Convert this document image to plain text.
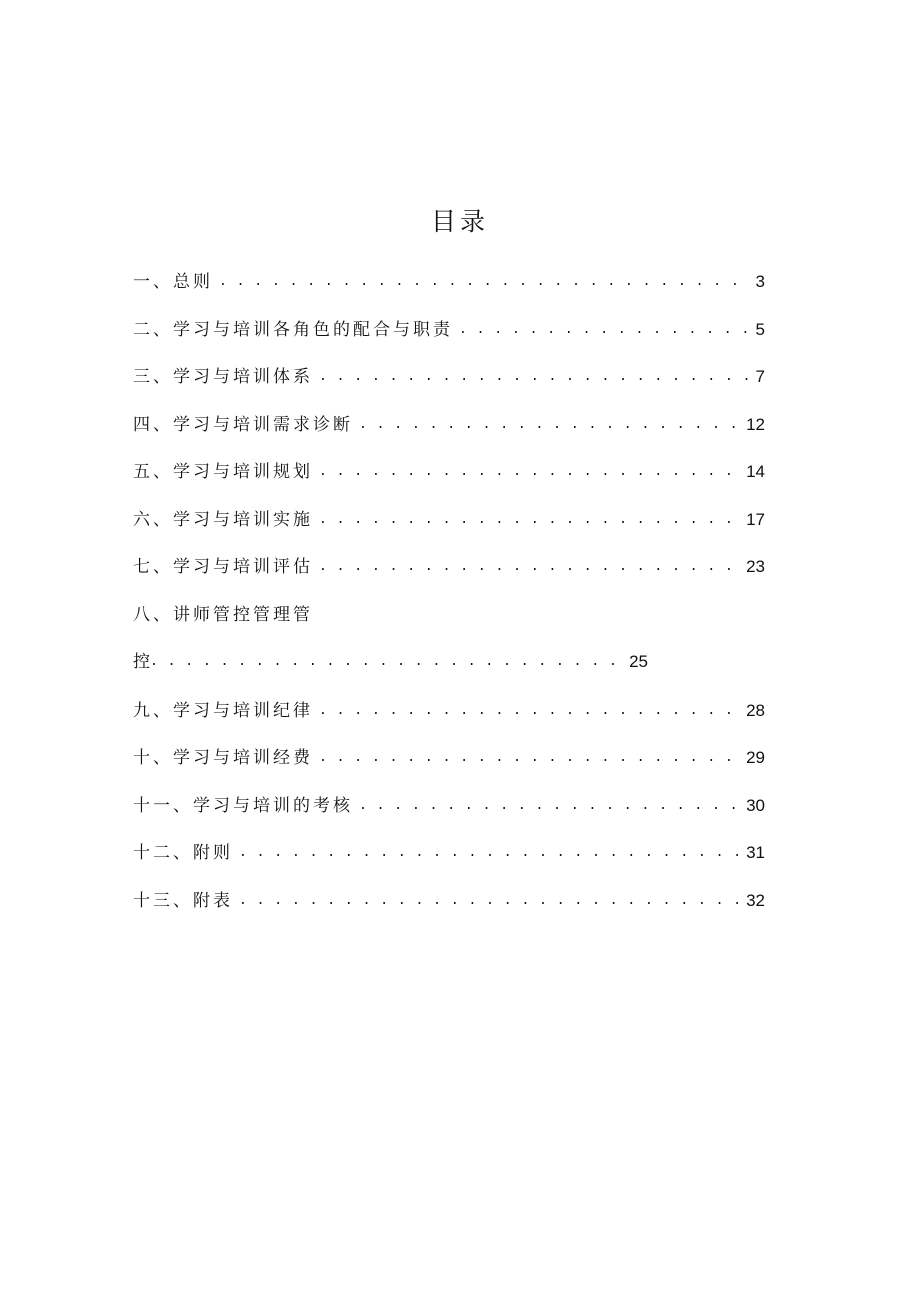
目录
一、总则 . . .	3
二、学习与培训各角色的配合与职责 . . .	5
三、学习与培训体系 . . .	7
四、学习与培训需求诊断 . . .	12
五、学习与培训规划 . . .	14
六、学习与培训实施 . . .	17
七、学习与培训评估 . . .	23
八、讲师管控管理管
控 . . .	25
九、学习与培训纪律 . . .	28
十、学习与培训经费 . . .	29
十一、学习与培训的考核 . . .	30
十二、附则 . . .	31
十三、附表 . . .	32
